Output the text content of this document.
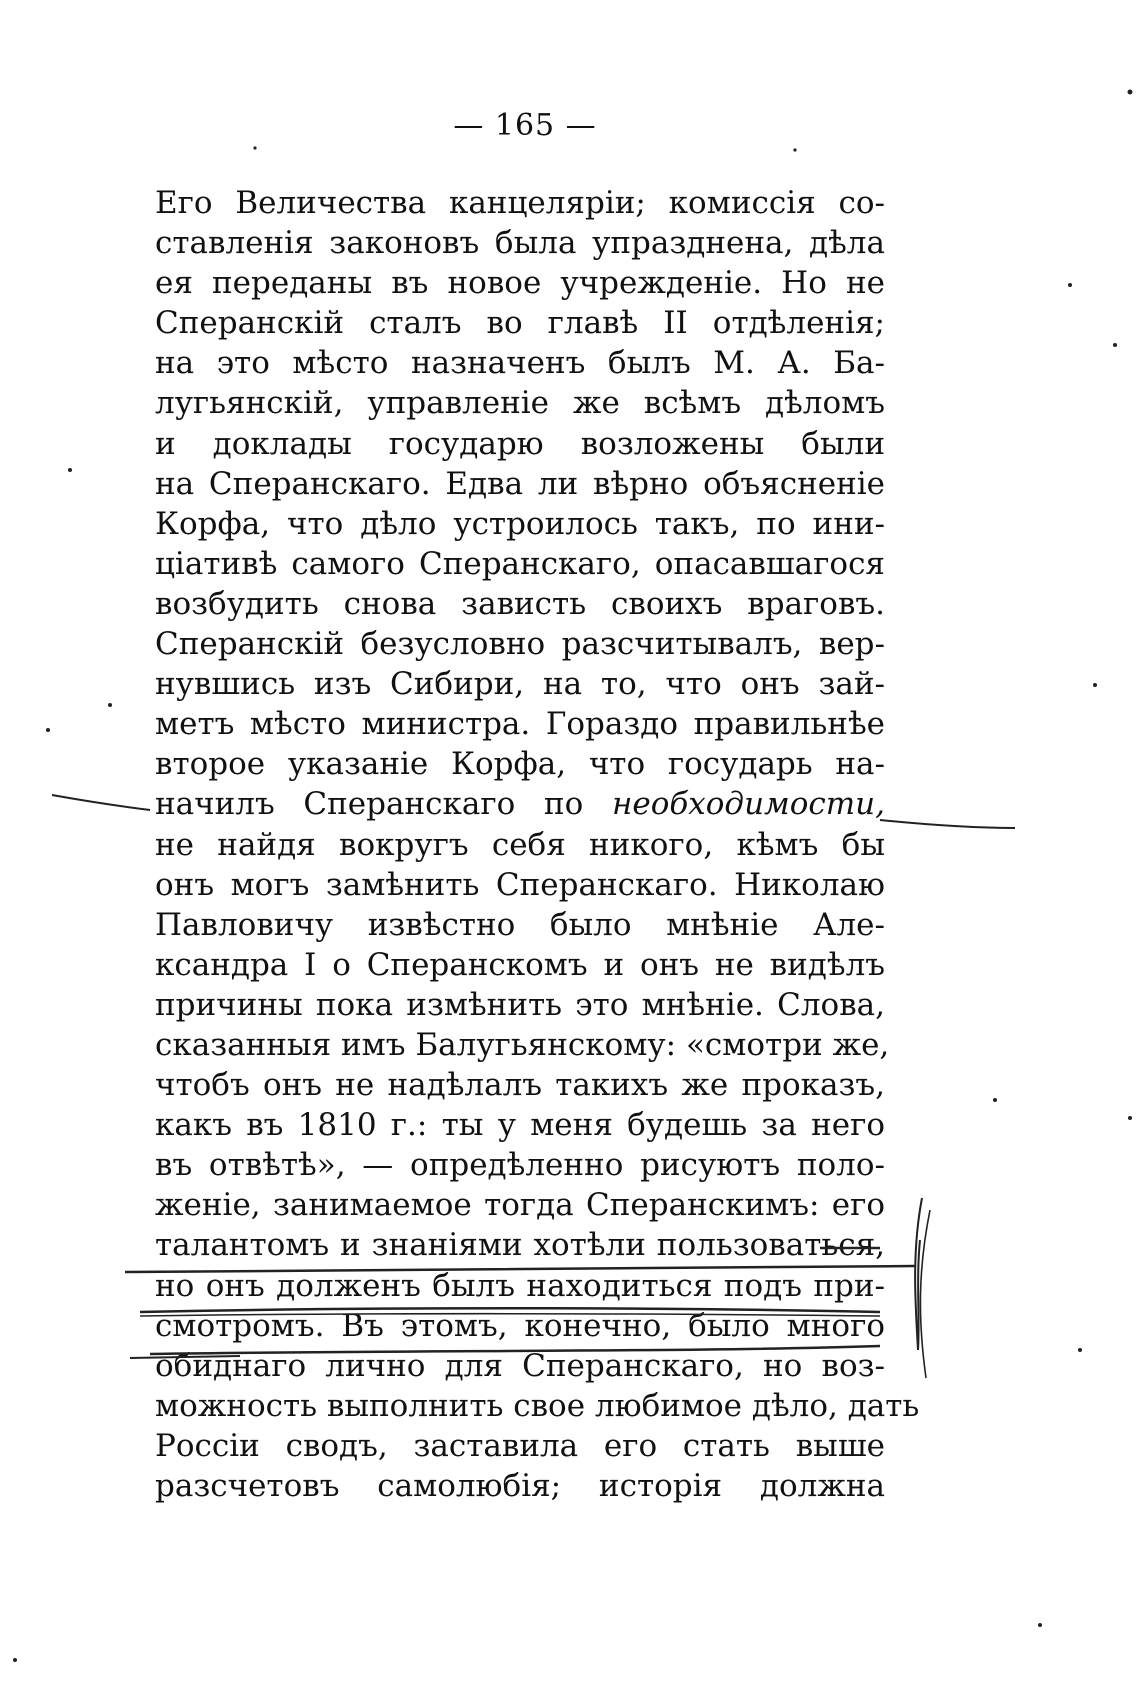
— 165 —
Его Величества канцеляріи; комиссія со-
ставленія законовъ была упразднена, дѣла
ея переданы въ новое учрежденіе. Но не
Сперанскій сталъ во главѣ II отдѣленія;
на это мѣсто назначенъ былъ М. А. Ба-
лугьянскій, управленіе же всѣмъ дѣломъ
и доклады государю возложены были
на Сперанскаго. Едва ли вѣрно объясненіе
Корфа, что дѣло устроилось такъ, по ини-
ціативѣ самого Сперанскаго, опасавшагося
возбудить снова зависть своихъ враговъ.
Сперанскій безусловно разсчитывалъ, вер-
нувшись изъ Сибири, на то, что онъ зай-
метъ мѣсто министра. Гораздо правильнѣе
второе указаніе Корфа, что государь на-
начилъ Сперанскаго по необходимости,
не найдя вокругъ себя никого, кѣмъ бы
онъ могъ замѣнить Сперанскаго. Николаю
Павловичу извѣстно было мнѣніе Але-
ксандра I о Сперанскомъ и онъ не видѣлъ
причины пока измѣнить это мнѣніе. Слова,
сказанныя имъ Балугьянскому: «смотри же,
чтобъ онъ не надѣлалъ такихъ же проказъ,
какъ въ 1810 г.: ты у меня будешь за него
въ отвѣтѣ», — опредѣленно рисуютъ поло-
женіе, занимаемое тогда Сперанскимъ: его
талантомъ и знаніями хотѣли пользоваться,
но онъ долженъ былъ находиться подъ при-
смотромъ. Въ этомъ, конечно, было много
обиднаго лично для Сперанскаго, но воз-
можность выполнить свое любимое дѣло, дать
Россіи сводъ, заставила его стать выше
разсчетовъ самолюбія; исторія должна
